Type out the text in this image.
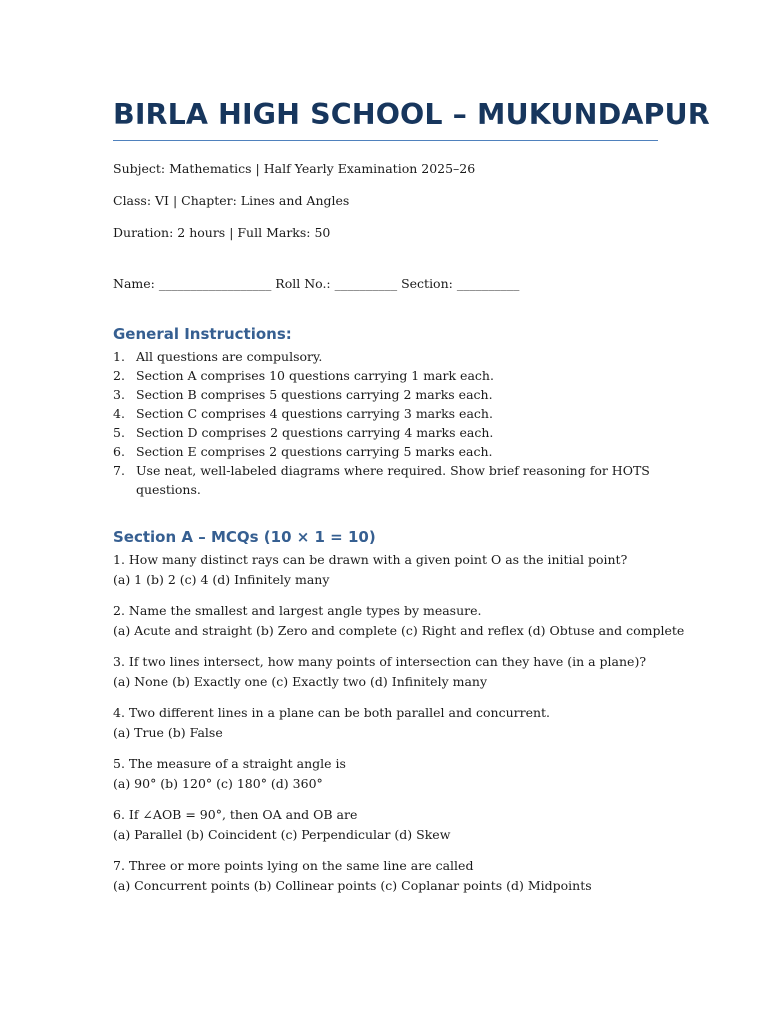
BIRLA HIGH SCHOOL – MUKUNDAPUR

Subject: Mathematics | Half Yearly Examination 2025–26

Class: VI | Chapter: Lines and Angles

Duration: 2 hours | Full Marks: 50

Name: __________________ Roll No.: __________ Section: __________

General Instructions:
1. All questions are compulsory.
2. Section A comprises 10 questions carrying 1 mark each.
3. Section B comprises 5 questions carrying 2 marks each.
4. Section C comprises 4 questions carrying 3 marks each.
5. Section D comprises 2 questions carrying 4 marks each.
6. Section E comprises 2 questions carrying 5 marks each.
7. Use neat, well-labeled diagrams where required. Show brief reasoning for HOTS questions.
Section A – MCQs (10 × 1 = 10)

1. How many distinct rays can be drawn with a given point O as the initial point?

(a) 1 (b) 2 (c) 4 (d) Infinitely many

2. Name the smallest and largest angle types by measure.

(a) Acute and straight (b) Zero and complete (c) Right and reflex (d) Obtuse and complete

3. If two lines intersect, how many points of intersection can they have (in a plane)?

(a) None (b) Exactly one (c) Exactly two (d) Infinitely many

4. Two different lines in a plane can be both parallel and concurrent.

(a) True (b) False

5. The measure of a straight angle is

(a) 90° (b) 120° (c) 180° (d) 360°

6. If ∠AOB = 90°, then OA and OB are

(a) Parallel (b) Coincident (c) Perpendicular (d) Skew

7. Three or more points lying on the same line are called

(a) Concurrent points (b) Collinear points (c) Coplanar points (d) Midpoints
